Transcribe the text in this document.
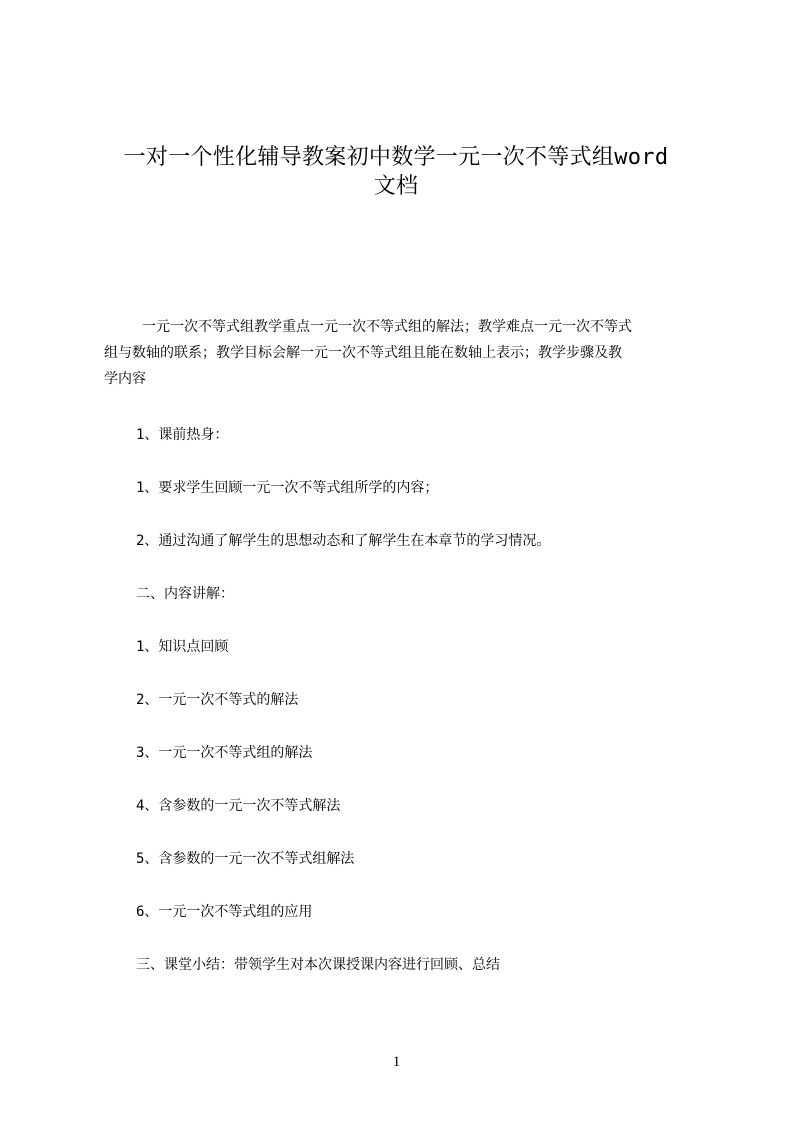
一对一个性化辅导教案初中数学一元一次不等式组word
文档
一元一次不等式组教学重点一元一次不等式组的解法；教学难点一元一次不等式
组与数轴的联系；教学目标会解一元一次不等式组且能在数轴上表示；教学步骤及教
学内容
1、课前热身：
1、要求学生回顾一元一次不等式组所学的内容；
2、通过沟通了解学生的思想动态和了解学生在本章节的学习情况。
二、内容讲解：
1、知识点回顾
2、一元一次不等式的解法
3、一元一次不等式组的解法
4、含参数的一元一次不等式解法
5、含参数的一元一次不等式组解法
6、一元一次不等式组的应用
三、课堂小结：带领学生对本次课授课内容进行回顾、总结
1
